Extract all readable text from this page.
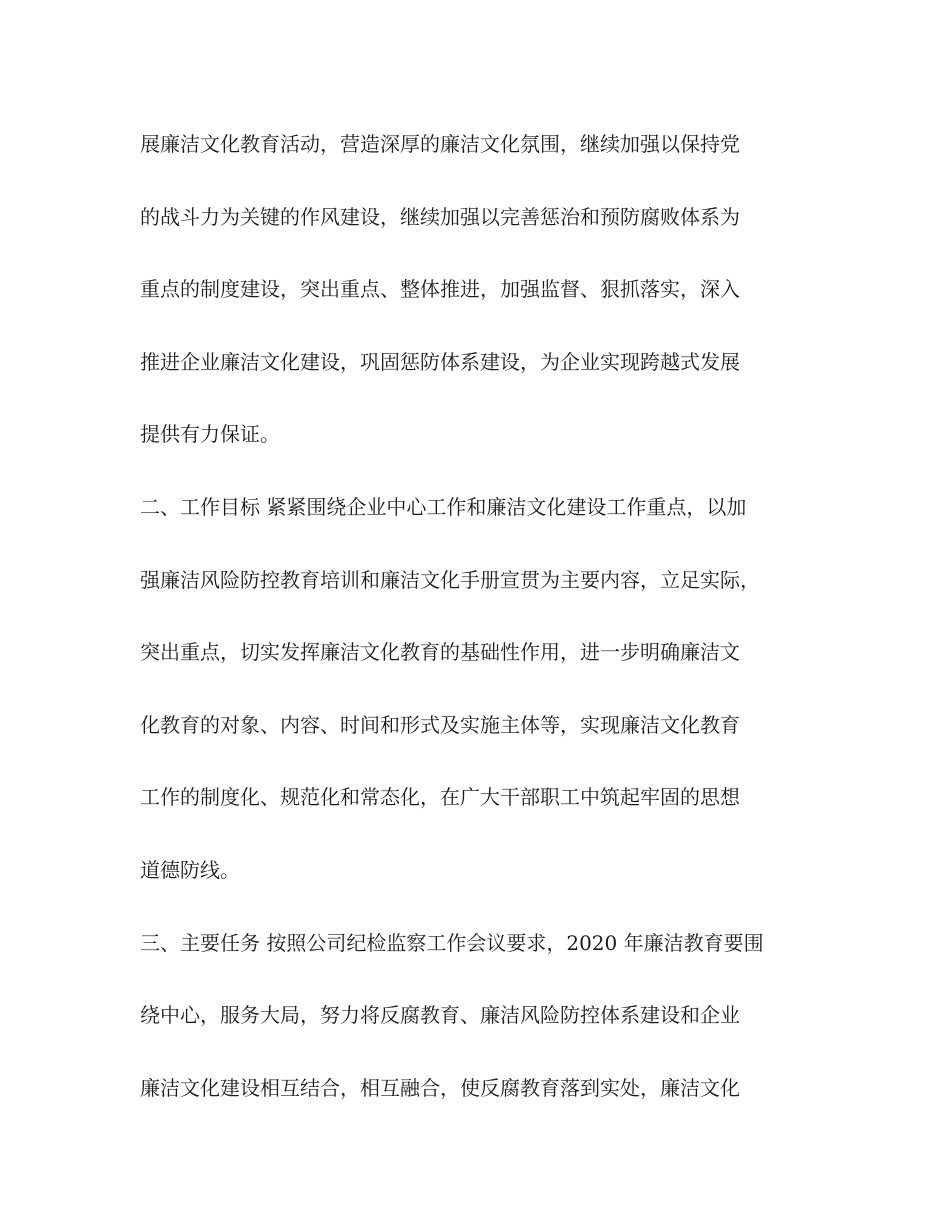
展廉洁文化教育活动，营造深厚的廉洁文化氛围，继续加强以保持党

的战斗力为关键的作风建设，继续加强以完善惩治和预防腐败体系为

重点的制度建设，突出重点、整体推进，加强监督、狠抓落实，深入

推进企业廉洁文化建设，巩固惩防体系建设，为企业实现跨越式发展

提供有力保证。

二、工作目标 紧紧围绕企业中心工作和廉洁文化建设工作重点，以加

强廉洁风险防控教育培训和廉洁文化手册宣贯为主要内容，立足实际，

突出重点，切实发挥廉洁文化教育的基础性作用，进一步明确廉洁文

化教育的对象、内容、时间和形式及实施主体等，实现廉洁文化教育

工作的制度化、规范化和常态化，在广大干部职工中筑起牢固的思想

道德防线。

三、主要任务 按照公司纪检监察工作会议要求，2020 年廉洁教育要围

绕中心，服务大局，努力将反腐教育、廉洁风险防控体系建设和企业

廉洁文化建设相互结合，相互融合，使反腐教育落到实处，廉洁文化
